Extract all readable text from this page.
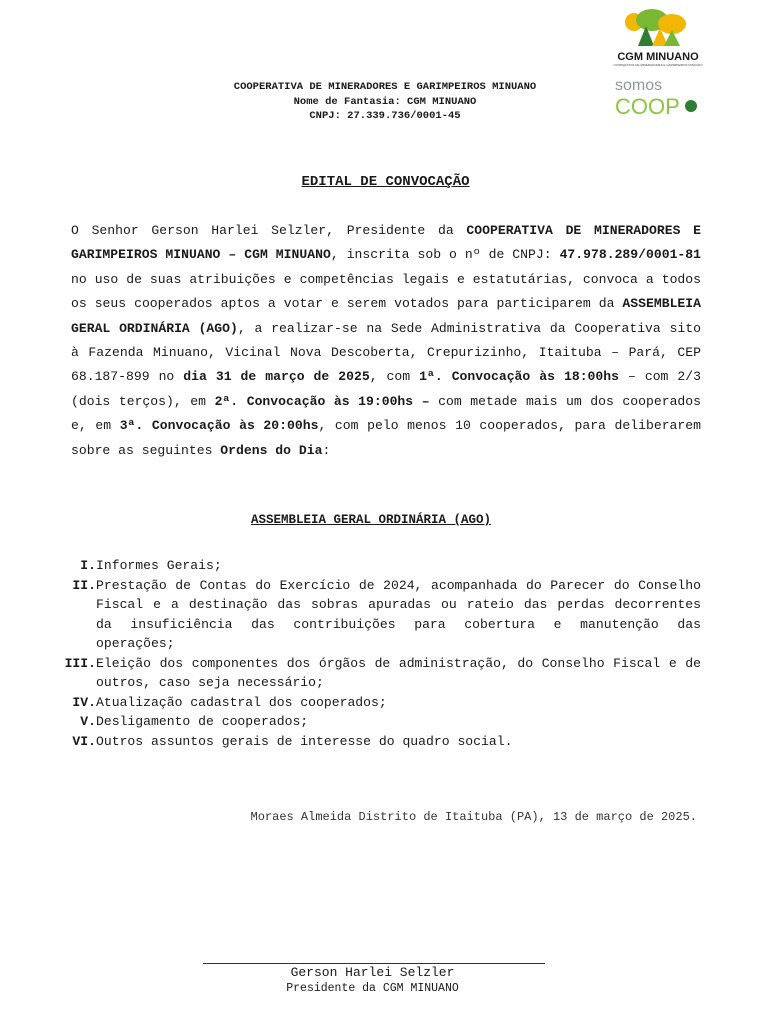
COOPERATIVA DE MINERADORES E GARIMPEIROS MINUANO
Nome de Fantasia: CGM MINUANO
CNPJ: 27.339.736/0001-45
CGM MINUANO
COOPERATIVA DE MINERADORES E GARIMPEIROS MINUANO
somos
COOP
EDITAL DE CONVOCAÇÃO

O Senhor Gerson Harlei Selzler, Presidente da COOPERATIVA DE MINERADORES E GARIMPEIROS MINUANO – CGM MINUANO, inscrita sob o nº de CNPJ: 47.978.289/0001-81 no uso de suas atribuições e competências legais e estatutárias, convoca a todos os seus cooperados aptos a votar e serem votados para participarem da ASSEMBLEIA GERAL ORDINÁRIA (AGO), a realizar-se na Sede Administrativa da Cooperativa sito à Fazenda Minuano, Vicinal Nova Descoberta, Crepurizinho, Itaituba – Pará, CEP 68.187-899 no dia 31 de março de 2025, com 1ª. Convocação às 18:00hs – com 2/3 (dois terços), em 2ª. Convocação às 19:00hs – com metade mais um dos cooperados e, em 3ª. Convocação às 20:00hs, com pelo menos 10 cooperados, para deliberarem sobre as seguintes Ordens do Dia:

ASSEMBLEIA GERAL ORDINÁRIA (AGO)
I. Informes Gerais;
II. Prestação de Contas do Exercício de 2024, acompanhada do Parecer do Conselho Fiscal e a destinação das sobras apuradas ou rateio das perdas decorrentes da insuficiência das contribuições para cobertura e manutenção das operações;
III. Eleição dos componentes dos órgãos de administração, do Conselho Fiscal e de outros, caso seja necessário;
IV. Atualização cadastral dos cooperados;
V. Desligamento de cooperados;
VI. Outros assuntos gerais de interesse do quadro social.
Moraes Almeida Distrito de Itaituba (PA), 13 de março de 2025.
Gerson Harlei Selzler
Presidente da CGM MINUANO
